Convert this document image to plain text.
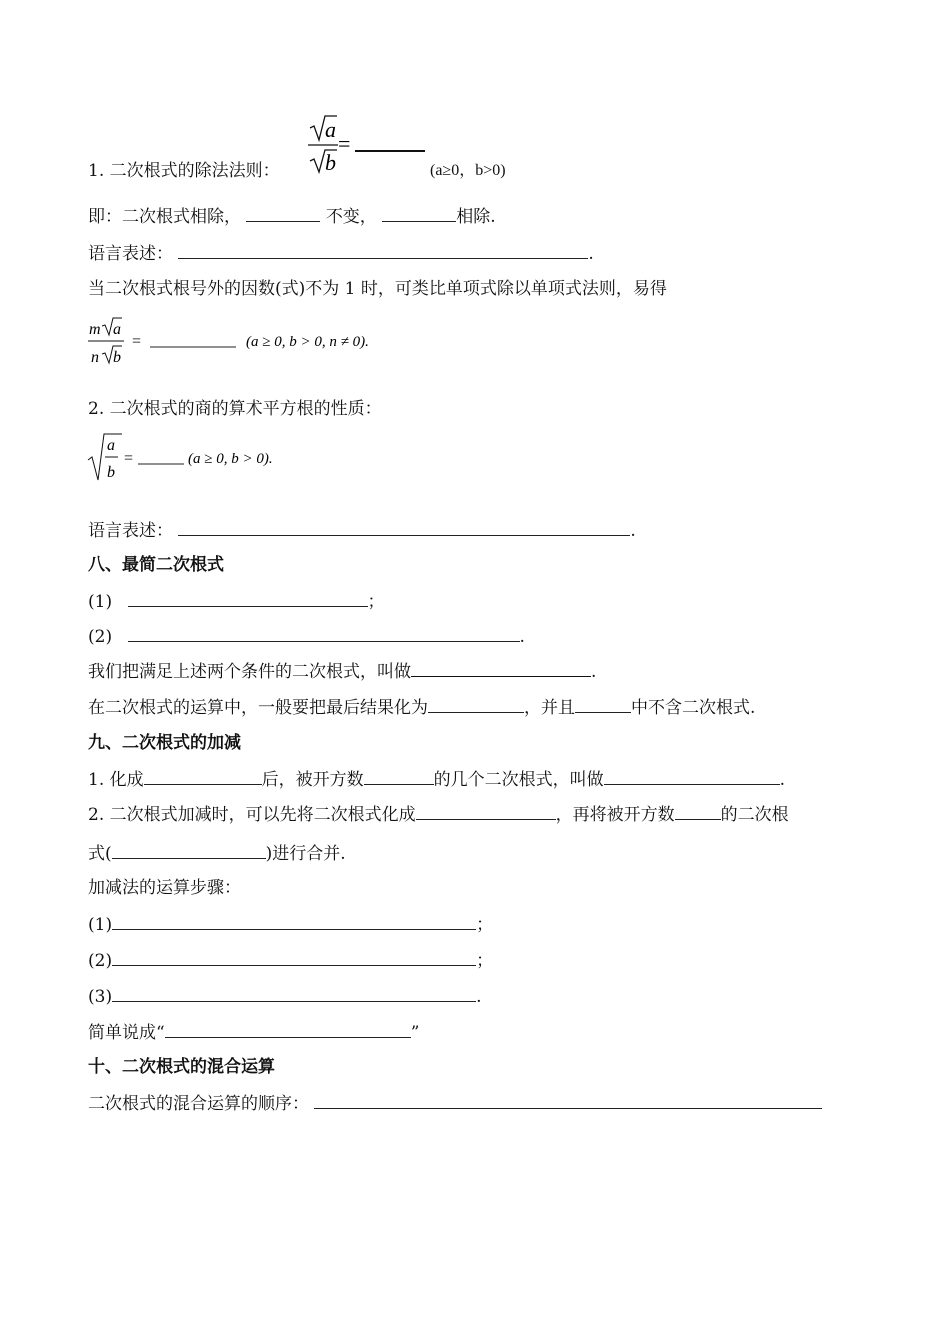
1. 二次根式的除法法则：
a
b
=
(a≥0，b>0)
即：二次根式相除，	不变，	相除.
语言表述：	.
当二次根式根号外的因数(式)不为 1 时，可类比单项式除以单项式法则，易得
m a
n b
=	(a ≥ 0, b > 0, n ≠ 0).
2. 二次根式的商的算术平方根的性质：
a
b
=	(a ≥ 0, b > 0).
语言表述：	.
八、最简二次根式
(1)	；
(2)	.
我们把满足上述两个条件的二次根式，叫做	.
在二次根式的运算中，一般要把最后结果化为	，并且	中不含二次根式.
九、二次根式的加减
1. 化成	后，被开方数	的几个二次根式，叫做	.
2. 二次根式加减时，可以先将二次根式化成	，再将被开方数	的二次根
式(	)进行合并.
加减法的运算步骤：
(1)	；
(2)	；
(3)	.
简单说成“	”
十、二次根式的混合运算
二次根式的混合运算的顺序：
